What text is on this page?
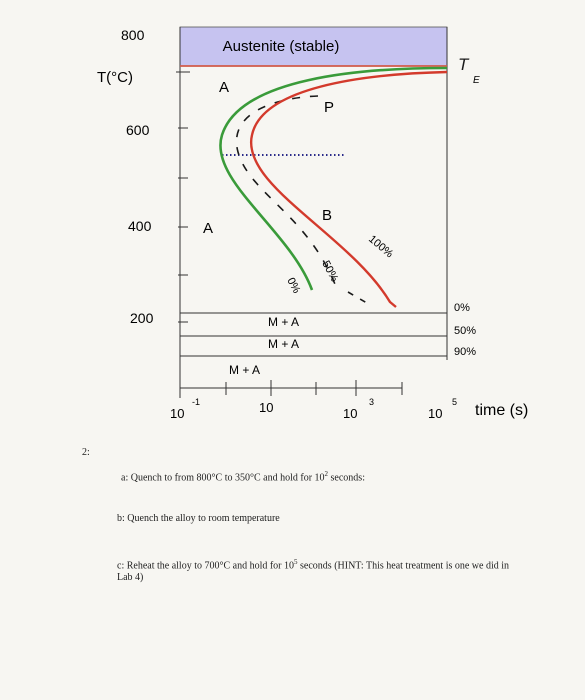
Austenite (stable)
T
E
800
T(°C)
600
400
200
A
A
P
B
0%
50%
100%
M + A
M + A
M + A
0%
50%
90%
10
-1	10	10
3
10
5 time (s)
2:
a: Quench to from 800°C to 350°C and hold for $10^2$ seconds:
b: Quench the alloy to room temperature
c: Reheat the alloy to 700°C and hold for $10^5$ seconds (HINT: This heat treatment is one we did in Lab 4)
